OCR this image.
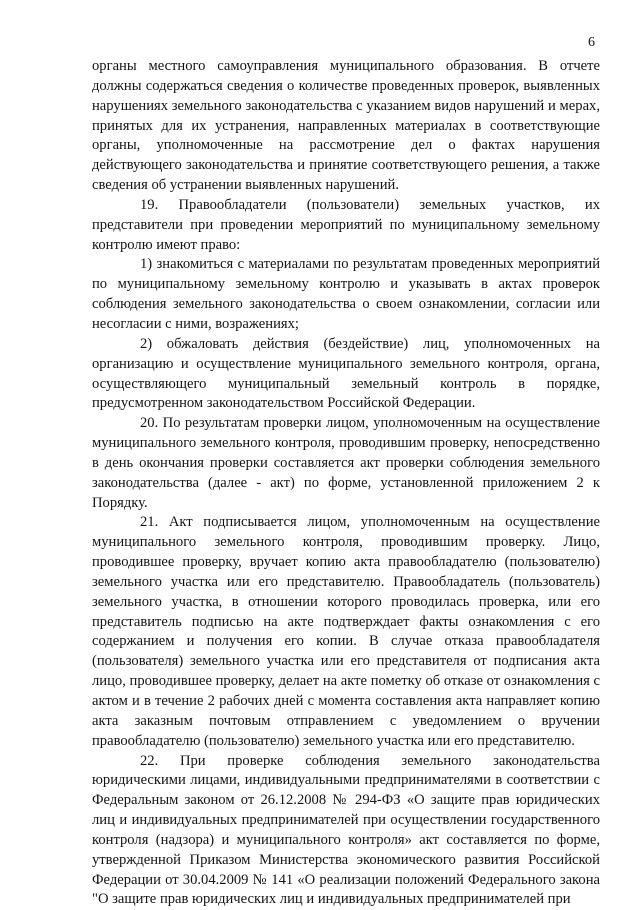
6

органы местного самоуправления муниципального образования. В отчете должны содержаться сведения о количестве проведенных проверок, выявленных нарушениях земельного законодательства с указанием видов нарушений и мерах, принятых для их устранения, направленных материалах в соответствующие органы, уполномоченные на рассмотрение дел о фактах нарушения действующего законодательства и принятие соответствующего решения, а также сведения об устранении выявленных нарушений.

19. Правообладатели (пользователи) земельных участков, их представители при проведении мероприятий по муниципальному земельному контролю имеют право:

1) знакомиться с материалами по результатам проведенных мероприятий по муниципальному земельному контролю и указывать в актах проверок соблюдения земельного законодательства о своем ознакомлении, согласии или несогласии с ними, возражениях;

2) обжаловать действия (бездействие) лиц, уполномоченных на организацию и осуществление муниципального земельного контроля, органа, осуществляющего муниципальный земельный контроль в порядке, предусмотренном законодательством Российской Федерации.

20. По результатам проверки лицом, уполномоченным на осуществление муниципального земельного контроля, проводившим проверку, непосредственно в день окончания проверки составляется акт проверки соблюдения земельного законодательства (далее - акт) по форме, установленной приложением 2 к Порядку.

21. Акт подписывается лицом, уполномоченным на осуществление муниципального земельного контроля, проводившим проверку. Лицо, проводившее проверку, вручает копию акта правообладателю (пользователю) земельного участка или его представителю. Правообладатель (пользователь) земельного участка, в отношении которого проводилась проверка, или его представитель подписью на акте подтверждает факты ознакомления с его содержанием и получения его копии. В случае отказа правообладателя (пользователя) земельного участка или его представителя от подписания акта лицо, проводившее проверку, делает на акте пометку об отказе от ознакомления с актом и в течение 2 рабочих дней с момента составления акта направляет копию акта заказным почтовым отправлением с уведомлением о вручении правообладателю (пользователю) земельного участка или его представителю.

22. При проверке соблюдения земельного законодательства юридическими лицами, индивидуальными предпринимателями в соответствии с Федеральным законом от 26.12.2008 № 294-ФЗ «О защите прав юридических лиц и индивидуальных предпринимателей при осуществлении государственного контроля (надзора) и муниципального контроля» акт составляется по форме, утвержденной Приказом Министерства экономического развития Российской Федерации от 30.04.2009 № 141 «О реализации положений Федерального закона "О защите прав юридических лиц и индивидуальных предпринимателей при
